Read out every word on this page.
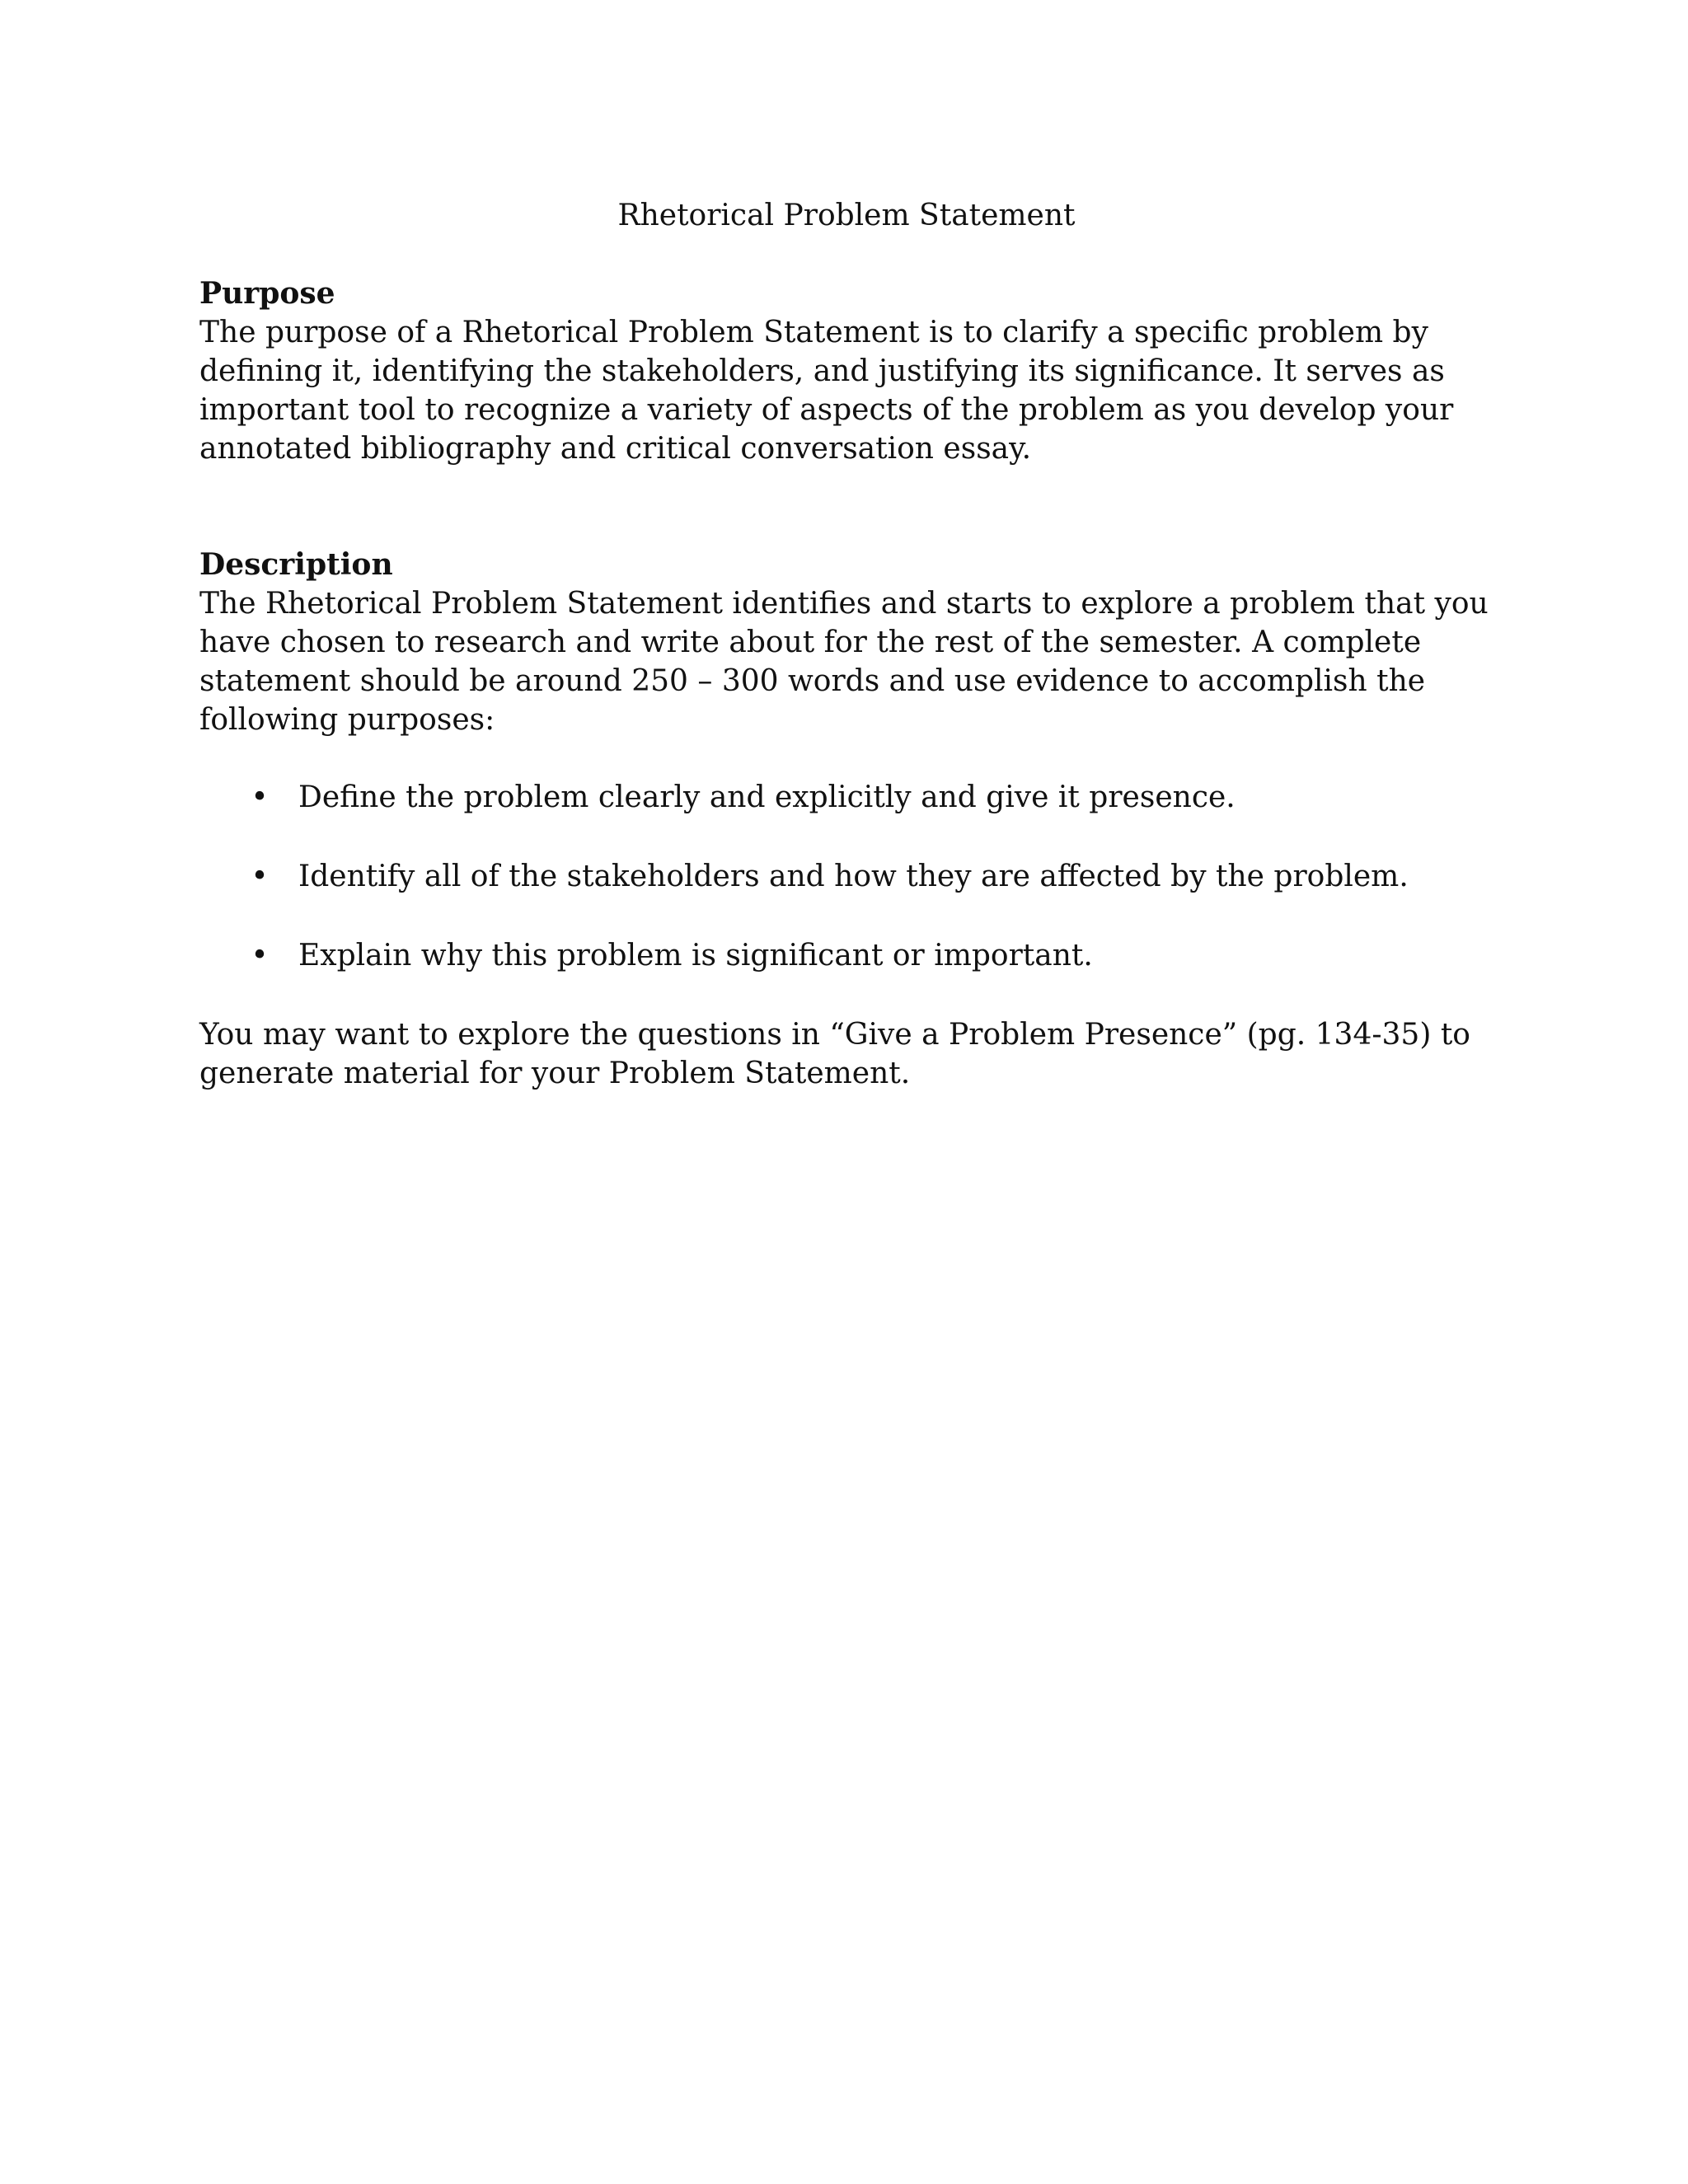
Rhetorical Problem Statement
Purpose

The purpose of a Rhetorical Problem Statement is to clarify a specific problem by defining it, identifying the stakeholders, and justifying its significance. It serves as important tool to recognize a variety of aspects of the problem as you develop your annotated bibliography and critical conversation essay.

Description

The Rhetorical Problem Statement identifies and starts to explore a problem that you have chosen to research and write about for the rest of the semester. A complete statement should be around 250 – 300 words and use evidence to accomplish the following purposes:

• Define the problem clearly and explicitly and give it presence.
• Identify all of the stakeholders and how they are affected by the problem.
• Explain why this problem is significant or important.

You may want to explore the questions in “Give a Problem Presence” (pg. 134-35) to generate material for your Problem Statement.
